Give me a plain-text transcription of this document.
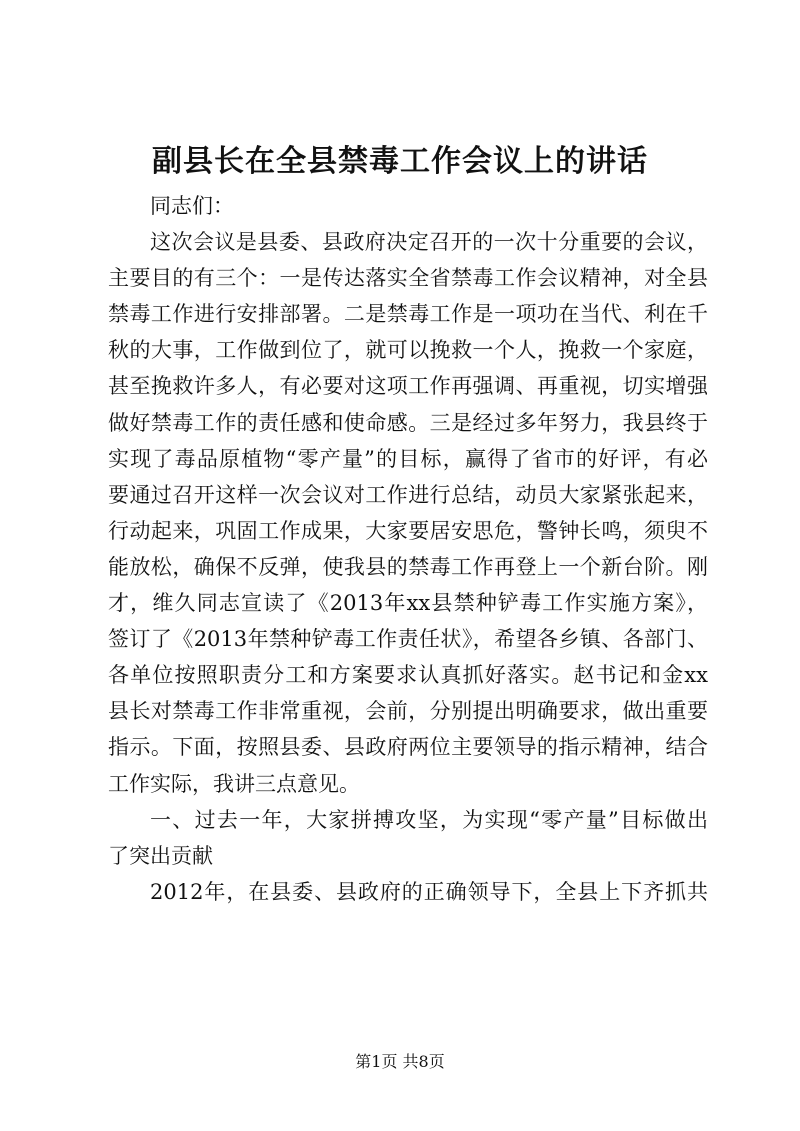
副县长在全县禁毒工作会议上的讲话
同志们：
这次会议是县委、县政府决定召开的一次十分重要的会议，
主要目的有三个：一是传达落实全省禁毒工作会议精神，对全县
禁毒工作进行安排部署。二是禁毒工作是一项功在当代、利在千
秋的大事，工作做到位了，就可以挽救一个人，挽救一个家庭，
甚至挽救许多人，有必要对这项工作再强调、再重视，切实增强
做好禁毒工作的责任感和使命感。三是经过多年努力，我县终于
实现了毒品原植物“零产量”的目标，赢得了省市的好评，有必
要通过召开这样一次会议对工作进行总结，动员大家紧张起来，
行动起来，巩固工作成果，大家要居安思危，警钟长鸣，须臾不
能放松，确保不反弹，使我县的禁毒工作再登上一个新台阶。刚
才，维久同志宣读了《2013年xx县禁种铲毒工作实施方案》，
签订了《2013年禁种铲毒工作责任状》，希望各乡镇、各部门、
各单位按照职责分工和方案要求认真抓好落实。赵书记和金xx
县长对禁毒工作非常重视，会前，分别提出明确要求，做出重要
指示。下面，按照县委、县政府两位主要领导的指示精神，结合
工作实际，我讲三点意见。
一、过去一年，大家拼搏攻坚，为实现“零产量”目标做出
了突出贡献
2012年，在县委、县政府的正确领导下，全县上下齐抓共
第1页 共8页
